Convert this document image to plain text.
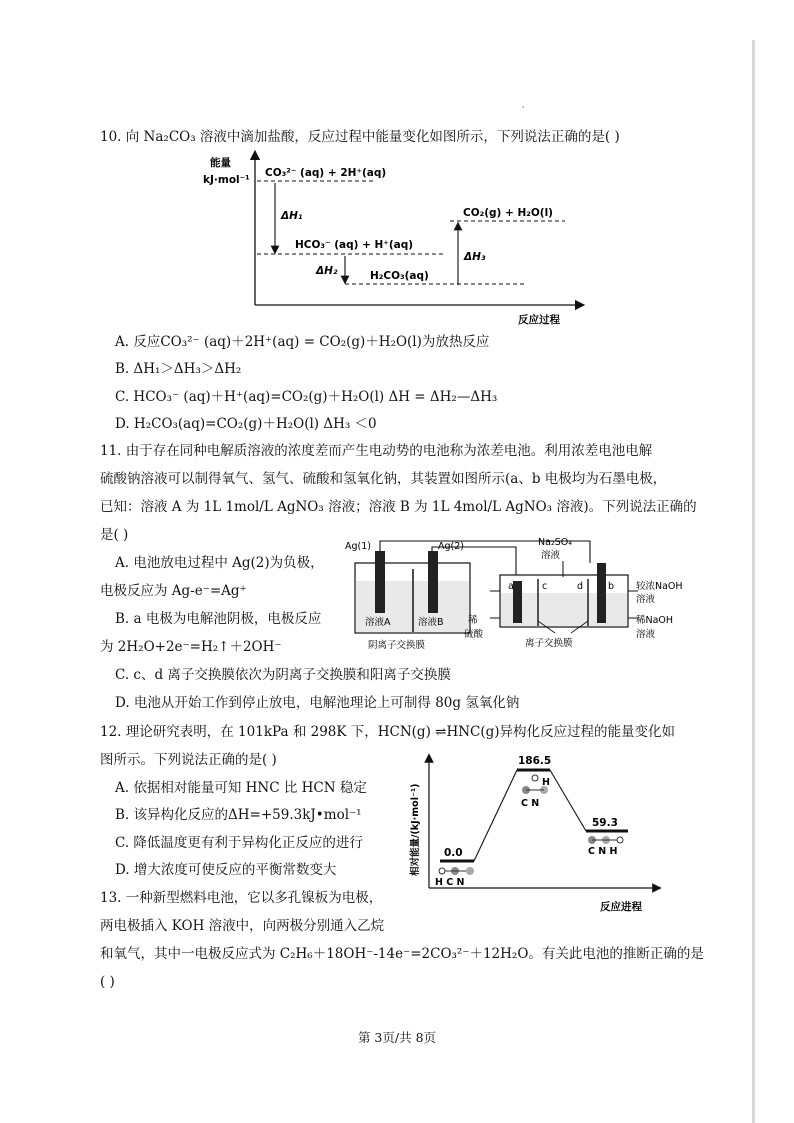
·
10. 向 Na₂CO₃ 溶液中滴加盐酸，反应过程中能量变化如图所示，下列说法正确的是( )
能量
kJ·mol⁻¹
反应过程
CO₃²⁻ (aq) + 2H⁺(aq)
HCO₃⁻ (aq) + H⁺(aq)
H₂CO₃(aq)
CO₂(g) + H₂O(l)
ΔH₁
ΔH₂
ΔH₃
A. 反应CO₃²⁻ (aq)＋2H⁺(aq) = CO₂(g)＋H₂O(l)为放热反应
B. ΔH₁＞ΔH₃＞ΔH₂
C. HCO₃⁻ (aq)＋H⁺(aq)=CO₂(g)＋H₂O(l) ΔH = ΔH₂—ΔH₃
D. H₂CO₃(aq)=CO₂(g)＋H₂O(l) ΔH₃ ＜0
11. 由于存在同种电解质溶液的浓度差而产生电动势的电池称为浓差电池。利用浓差电池电解
硫酸钠溶液可以制得氧气、氢气、硫酸和氢氧化钠，其装置如图所示(a、b 电极均为石墨电极，
已知：溶液 A 为 1L 1mol/L AgNO₃ 溶液；溶液 B 为 1L 4mol/L AgNO₃ 溶液)。下列说法正确的
是( )
A. 电池放电过程中 Ag(2)为负极，
电极反应为 Ag-e⁻=Ag⁺
B. a 电极为电解池阴极，电极反应
为 2H₂O+2e⁻=H₂↑＋2OH⁻
C. c、d 离子交换膜依次为阴离子交换膜和阳离子交换膜
D. 电池从开始工作到停止放电，电解池理论上可制得 80g 氢氧化钠
Ag(1)	Ag(2)
溶液A	溶液B
阴离子交换膜
Na₂SO₄
溶液
a	c	d	b 较浓NaOH
溶液
稀
硫酸
离子交换膜
稀NaOH
溶液
12. 理论研究表明，在 101kPa 和 298K 下，HCN(g) ⇌HNC(g)异构化反应过程的能量变化如
图所示。下列说法正确的是( )
A. 依据相对能量可知 HNC 比 HCN 稳定
B. 该异构化反应的ΔH=+59.3kJ•mol⁻¹
C. 降低温度更有利于异构化正反应的进行
D. 增大浓度可使反应的平衡常数变大	相对能量/(kJ·mol⁻¹)
反应进程
0.0
186.5
59.3
H C N
H
C N
C N H
13. 一种新型燃料电池，它以多孔镍板为电极，
两电极插入 KOH 溶液中，向两极分别通入乙烷
和氧气，其中一电极反应式为 C₂H₆＋18OH⁻-14e⁻=2CO₃²⁻＋12H₂O。有关此电池的推断正确的是
( )
第 3页/共 8页
